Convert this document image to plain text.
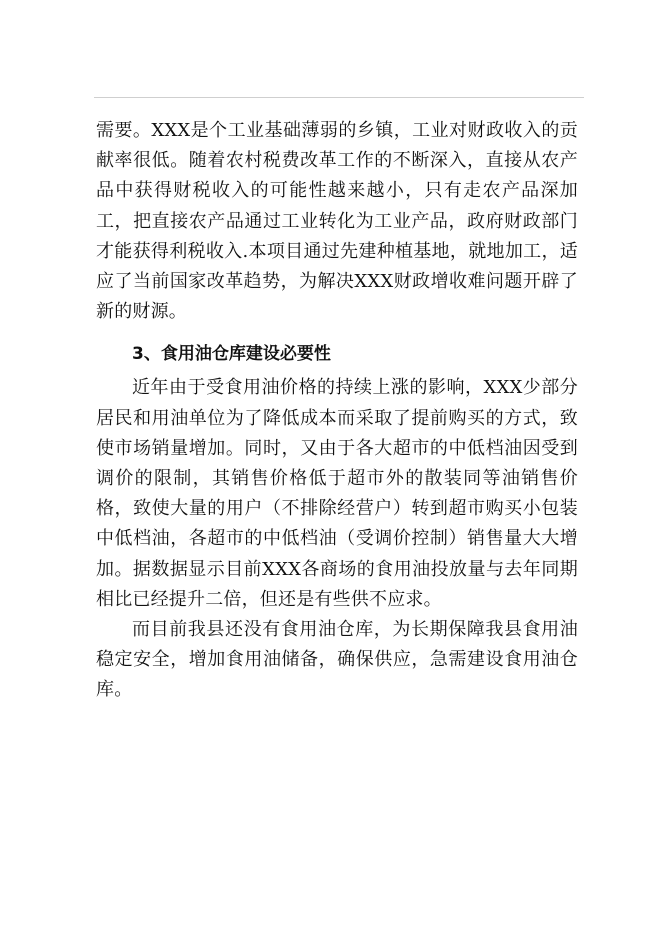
需要。XXX是个工业基础薄弱的乡镇，工业对财政收入的贡献率很低。随着农村税费改革工作的不断深入，直接从农产品中获得财税收入的可能性越来越小，只有走农产品深加工，把直接农产品通过工业转化为工业产品，政府财政部门才能获得利税收入.本项目通过先建种植基地，就地加工，适应了当前国家改革趋势，为解决XXX财政增收难问题开辟了新的财源。

3、食用油仓库建设必要性

近年由于受食用油价格的持续上涨的影响，XXX少部分居民和用油单位为了降低成本而采取了提前购买的方式，致使市场销量增加。同时，又由于各大超市的中低档油因受到调价的限制，其销售价格低于超市外的散装同等油销售价格，致使大量的用户（不排除经营户）转到超市购买小包装中低档油，各超市的中低档油（受调价控制）销售量大大增加。据数据显示目前XXX各商场的食用油投放量与去年同期相比已经提升二倍，但还是有些供不应求。

而目前我县还没有食用油仓库，为长期保障我县食用油稳定安全，增加食用油储备，确保供应，急需建设食用油仓库。
